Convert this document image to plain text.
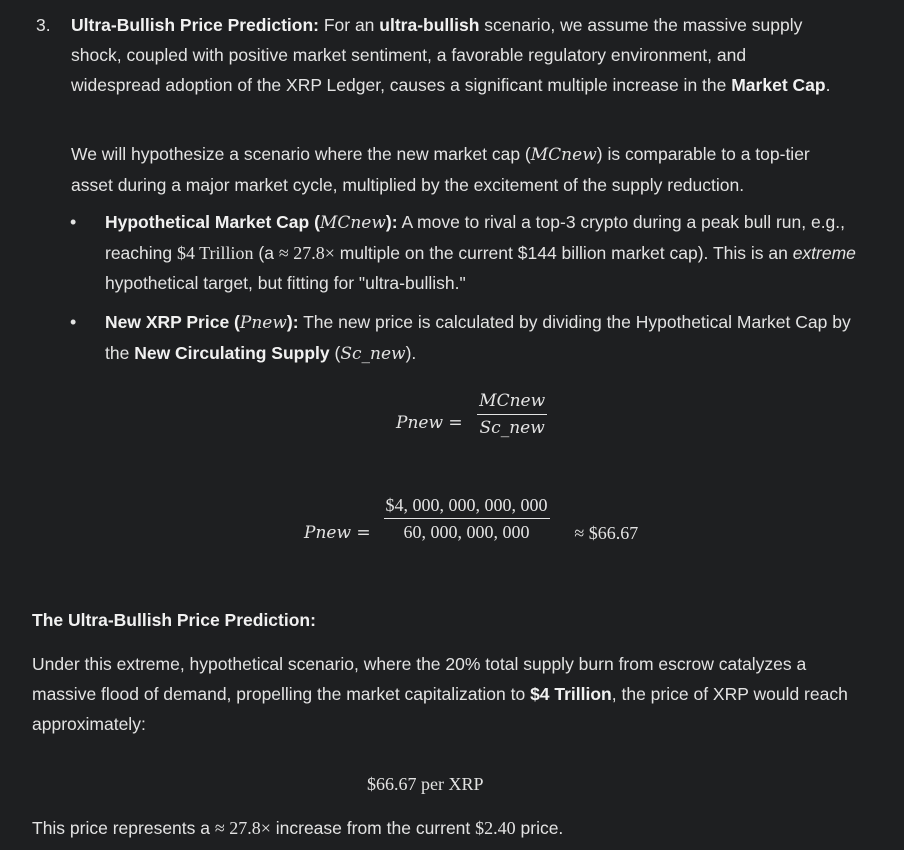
3. Ultra-Bullish Price Prediction: For an ultra-bullish scenario, we assume the massive supply shock, coupled with positive market sentiment, a favorable regulatory environment, and widespread adoption of the XRP Ledger, causes a significant multiple increase in the Market Cap.
We will hypothesize a scenario where the new market cap (MCnew) is comparable to a top-tier asset during a major market cycle, multiplied by the excitement of the supply reduction.
• Hypothetical Market Cap (MCnew): A move to rival a top-3 crypto during a peak bull run, e.g., reaching $4 Trillion (a ≈ 27.8× multiple on the current $144 billion market cap). This is an extreme hypothetical target, but fitting for "ultra-bullish."
• New XRP Price (Pnew): The new price is calculated by dividing the Hypothetical Market Cap by the New Circulating Supply (Sc_new).
Pnew = $\frac{\text{MCnew}}{\text{Sc\_new}}$
Pnew = $\frac{\$4, 000, 000, 000, 000}{60, 000, 000, 000}$ ≈ $66.67
The Ultra-Bullish Price Prediction:
Under this extreme, hypothetical scenario, where the 20% total supply burn from escrow catalyzes a massive flood of demand, propelling the market capitalization to $4 Trillion, the price of XRP would reach approximately:
$66.67 per XRP
This price represents a ≈ 27.8× increase from the current $2.40 price.
